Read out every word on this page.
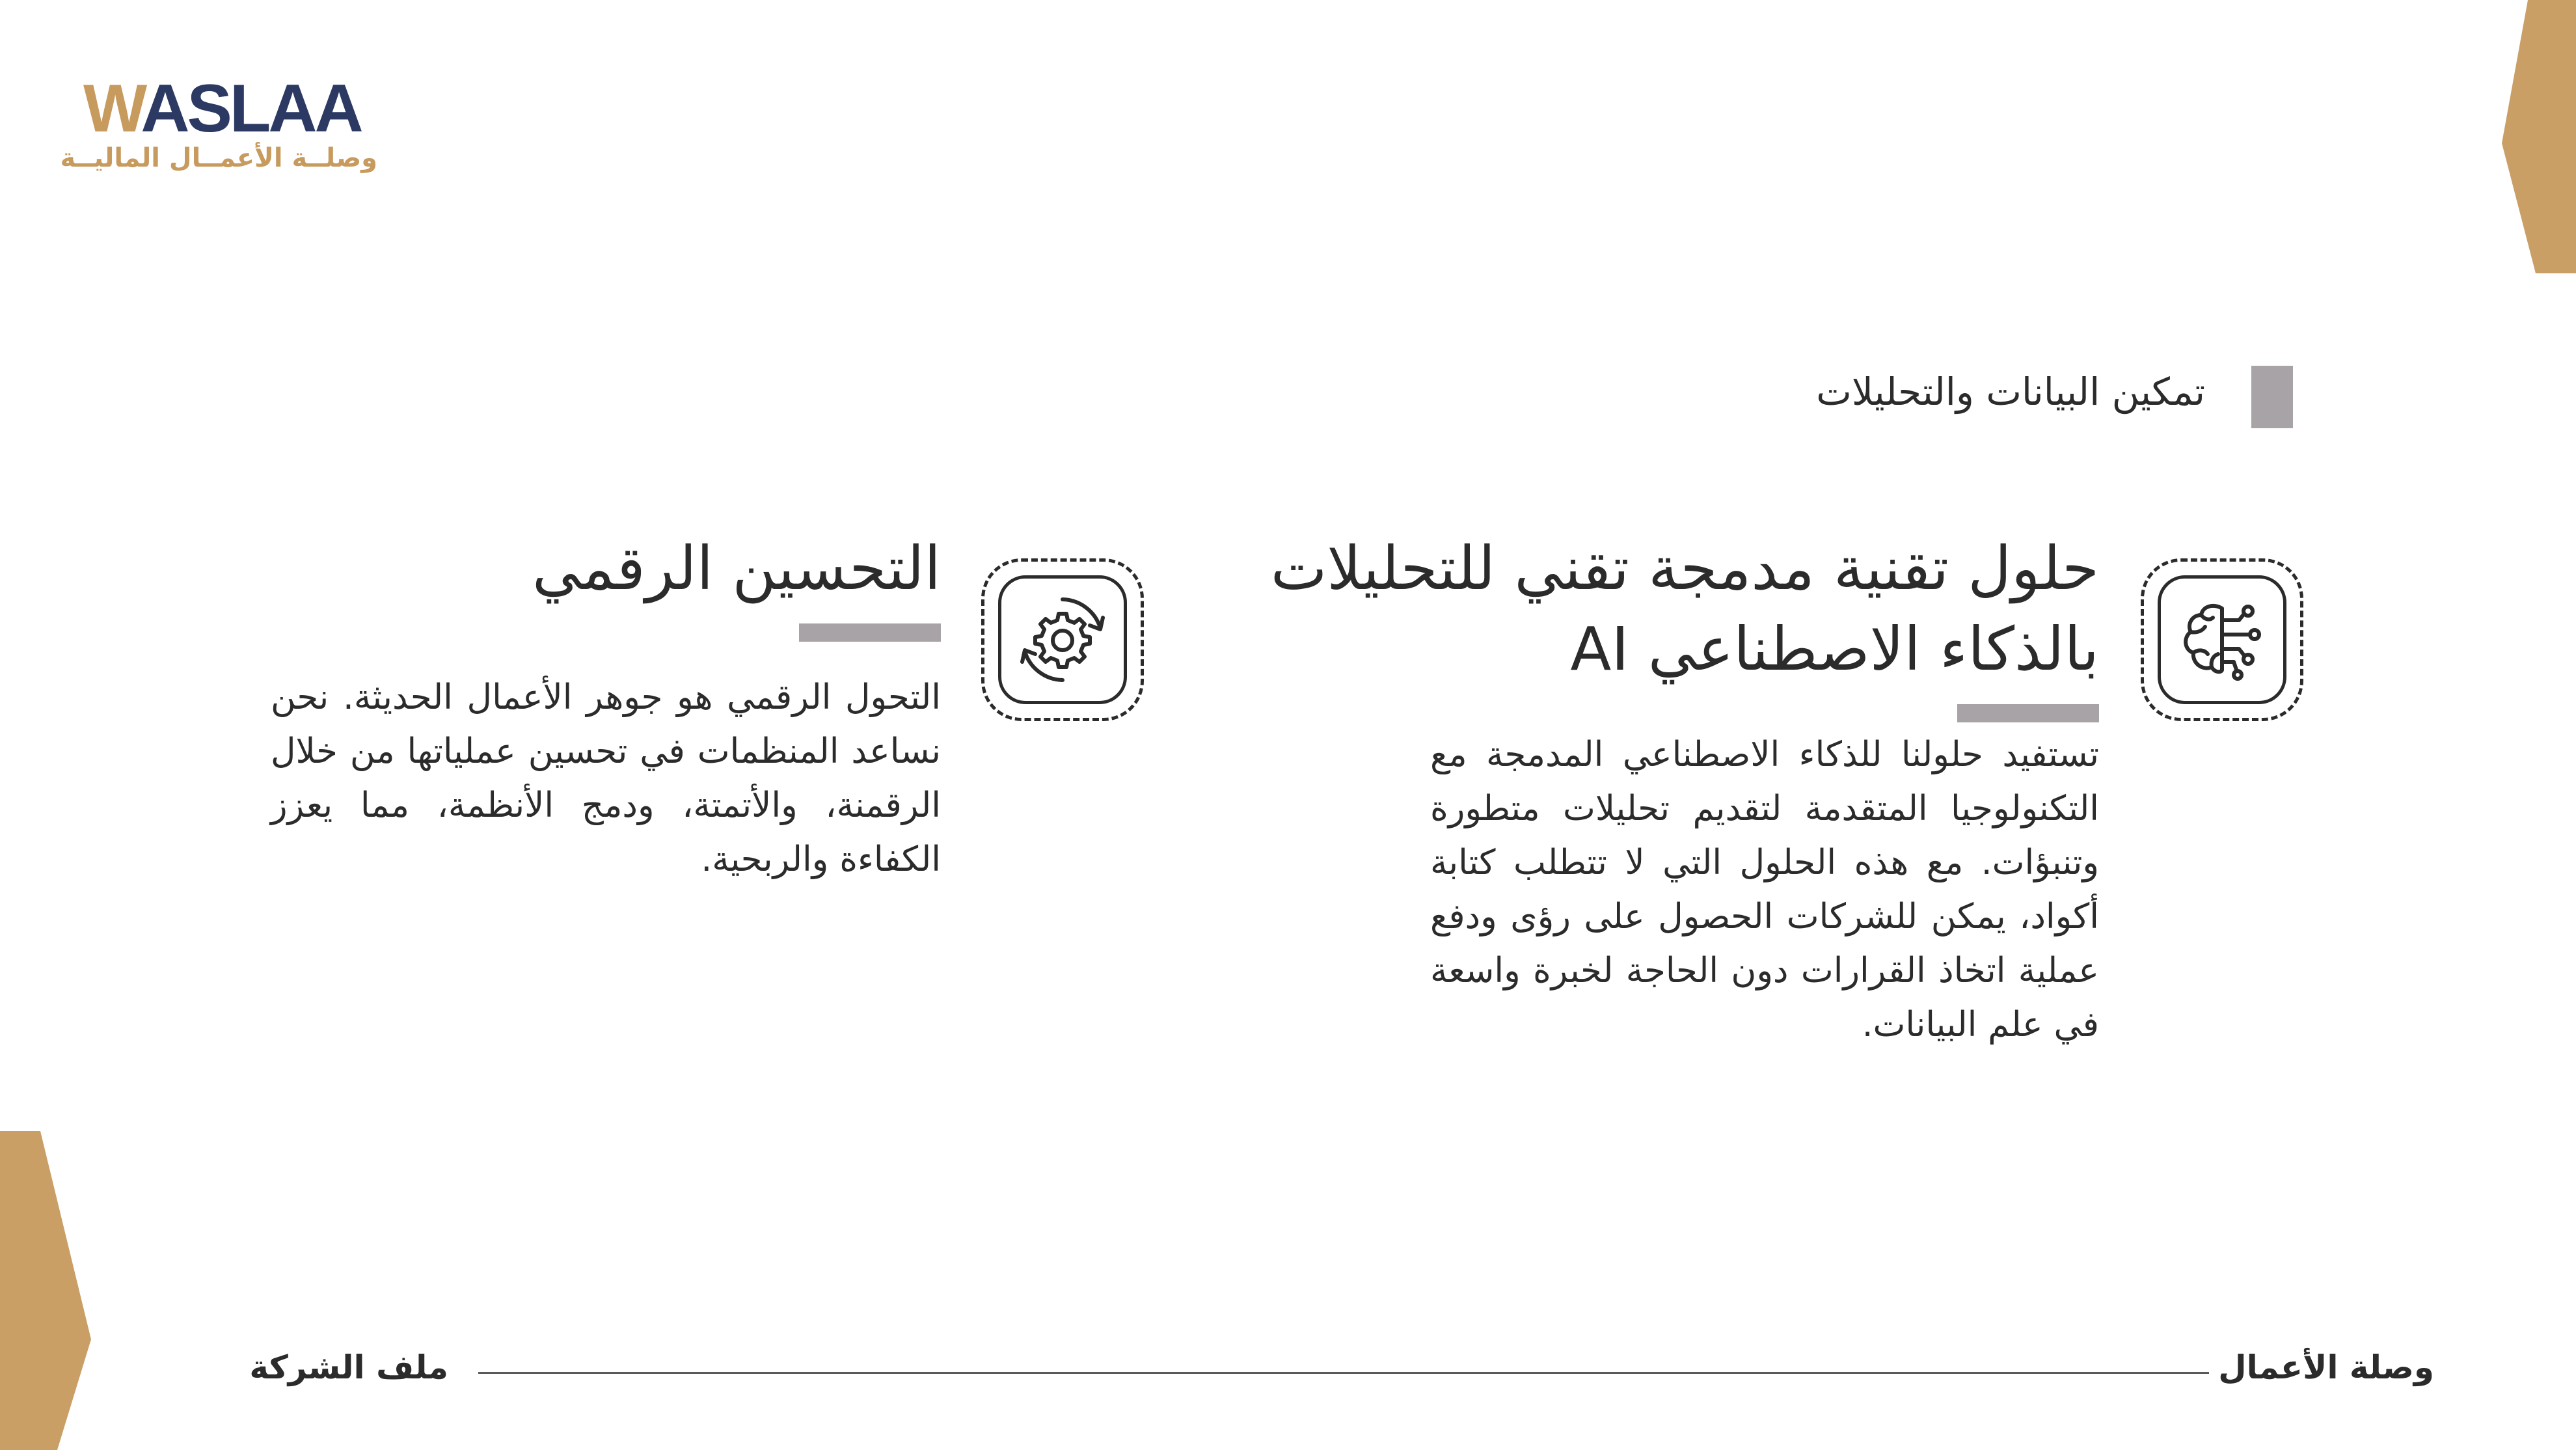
WASLAA
وصلــة الأعمــال الماليــة
تمكين البيانات والتحليلات
حلول تقنية مدمجة تقني للتحليلات بالذكاء الاصطناعي AI
تستفيد حلولنا للذكاء الاصطناعي المدمجة مع التكنولوجيا المتقدمة لتقديم تحليلات متطورة وتنبؤات. مع هذه الحلول التي لا تتطلب كتابة أكواد، يمكن للشركات الحصول على رؤى ودفع عملية اتخاذ القرارات دون الحاجة لخبرة واسعة في علم البيانات.
التحسين الرقمي
التحول الرقمي هو جوهر الأعمال الحديثة. نحن نساعد المنظمات في تحسين عملياتها من خلال الرقمنة، والأتمتة، ودمج الأنظمة، مما يعزز الكفاءة والربحية.
ملف الشركة	وصلة الأعمال
